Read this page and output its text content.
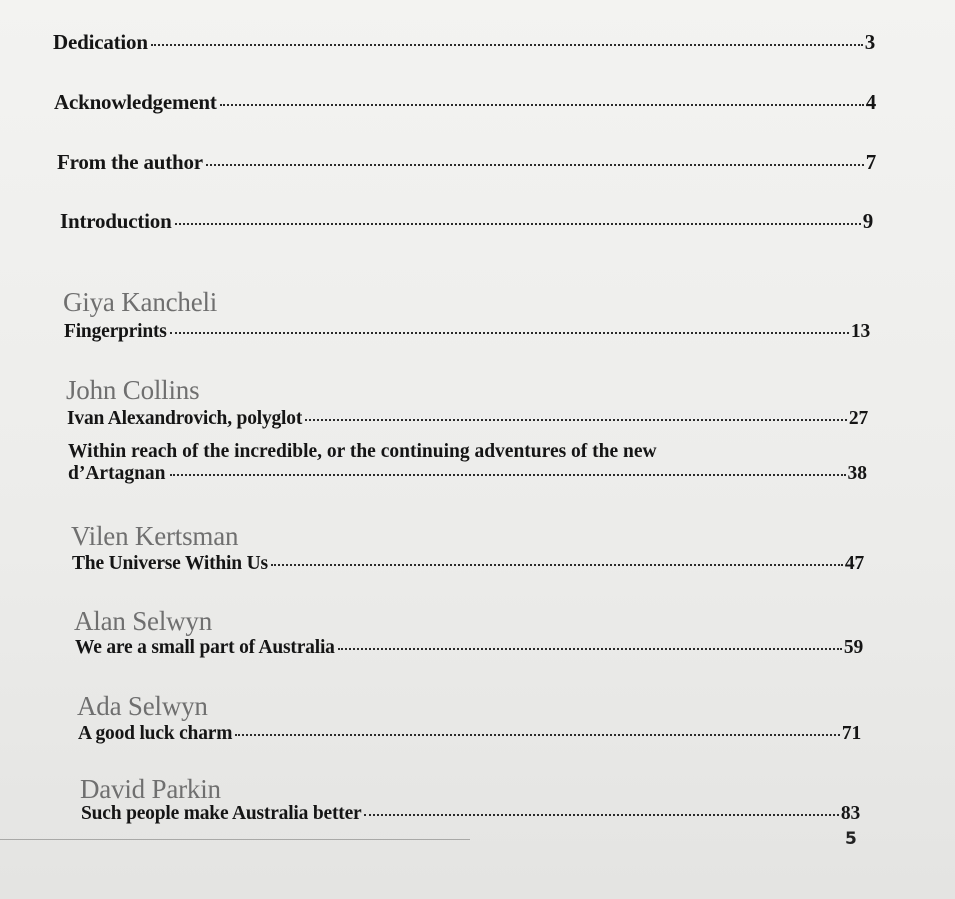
Dedication	3
Acknowledgement	4
From the author	7
Introduction	9
Giya Kancheli
Fingerprints	13
John Collins
Ivan Alexandrovich, polyglot	27
Within reach of the incredible, or the continuing adventures of the new
d’Artagnan	38
Vilen Kertsman
The Universe Within Us	47
Alan Selwyn
We are a small part of Australia	59
Ada Selwyn
A good luck charm	71
David Parkin
Such people make Australia better	83
5
